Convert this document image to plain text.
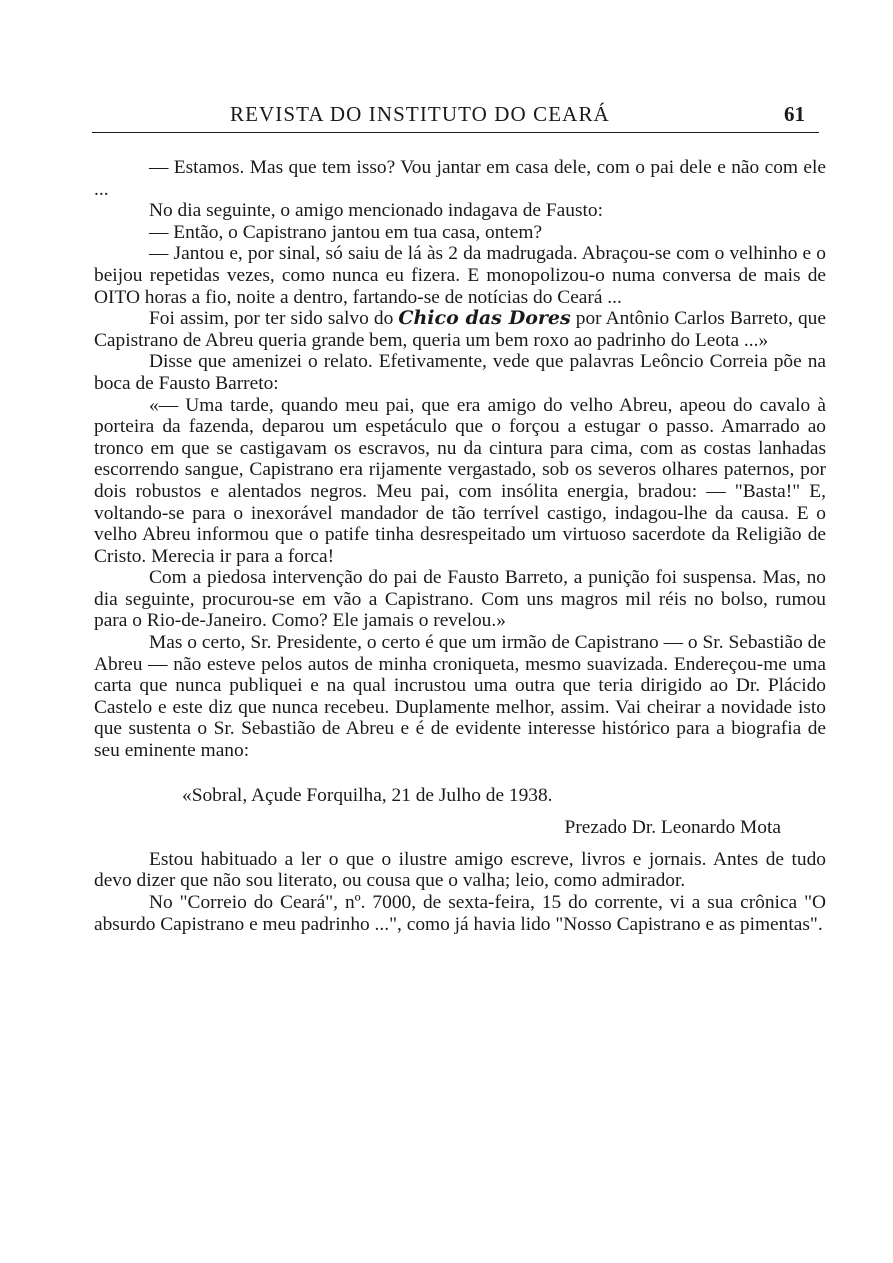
REVISTA DO INSTITUTO DO CEARÁ	61

— Estamos. Mas que tem isso? Vou jantar em casa dele, com o pai dele e não com ele ...

No dia seguinte, o amigo mencionado indagava de Fausto:

— Então, o Capistrano jantou em tua casa, ontem?

— Jantou e, por sinal, só saiu de lá às 2 da madrugada. Abraçou-se com o velhinho e o beijou repetidas vezes, como nunca eu fizera. E monopolizou-o numa conversa de mais de OITO horas a fio, noite a dentro, fartando-se de notícias do Ceará ...

Foi assim, por ter sido salvo do Chico das Dores por Antônio Carlos Barreto, que Capistrano de Abreu queria grande bem, queria um bem roxo ao padrinho do Leota ...»

Disse que amenizei o relato. Efetivamente, vede que palavras Leôncio Correia põe na boca de Fausto Barreto:

«— Uma tarde, quando meu pai, que era amigo do velho Abreu, apeou do cavalo à porteira da fazenda, deparou um espetáculo que o forçou a estugar o passo. Amarrado ao tronco em que se castigavam os escravos, nu da cintura para cima, com as costas lanhadas escorrendo sangue, Capistrano era rijamente vergastado, sob os severos olhares paternos, por dois robustos e alentados negros. Meu pai, com insólita energia, bradou: — "Basta!" E, voltando-se para o inexorável mandador de tão terrível castigo, indagou-lhe da causa. E o velho Abreu informou que o patife tinha desrespeitado um virtuoso sacerdote da Religião de Cristo. Merecia ir para a forca!

Com a piedosa intervenção do pai de Fausto Barreto, a punição foi suspensa. Mas, no dia seguinte, procurou-se em vão a Capistrano. Com uns magros mil réis no bolso, rumou para o Rio-de-Janeiro. Como? Ele jamais o revelou.»

Mas o certo, Sr. Presidente, o certo é que um irmão de Capistrano — o Sr. Sebastião de Abreu — não esteve pelos autos de minha croniqueta, mesmo suavizada. Endereçou-me uma carta que nunca publiquei e na qual incrustou uma outra que teria dirigido ao Dr. Plácido Castelo e este diz que nunca recebeu. Duplamente melhor, assim. Vai cheirar a novidade isto que sustenta o Sr. Sebastião de Abreu e é de evidente interesse histórico para a biografia de seu eminente mano:

«Sobral, Açude Forquilha, 21 de Julho de 1938.

Prezado Dr. Leonardo Mota

Estou habituado a ler o que o ilustre amigo escreve, livros e jornais. Antes de tudo devo dizer que não sou literato, ou cousa que o valha; leio, como admirador.

No "Correio do Ceará", nº. 7000, de sexta-feira, 15 do corrente, vi a sua crônica "O absurdo Capistrano e meu padrinho ...", como já havia lido "Nosso Capistrano e as pimentas".
